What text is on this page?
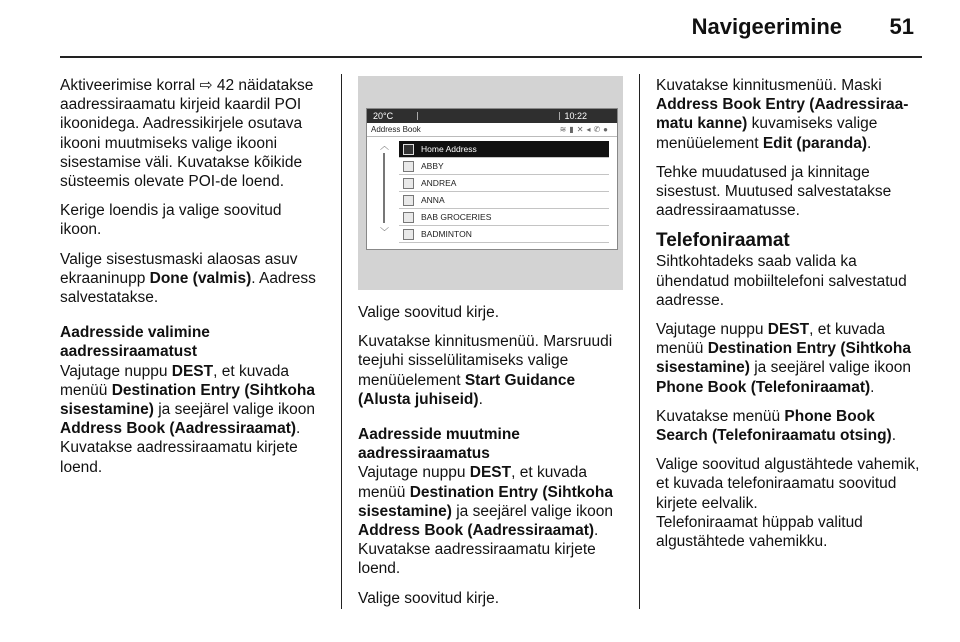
Navigeerimine 51

Aktiveerimise korral ⇨ 42 näidatakse aadressiraamatu kirjeid kaardil POI ikoonidega. Aadressikirjele osutava ikooni muutmiseks valige ikooni sisestamise väli. Kuvatakse kõikide süsteemis olevate POI-de loend.

Kerige loendis ja valige soovitud ikoon.

Valige sisestusmaski alaosas asuv ekraaninupp Done (valmis). Aadress salvestatakse.

Aadresside valimine aadressiraamatust

Vajutage nuppu DEST, et kuvada menüü Destination Entry (Sihtkoha sisestamine) ja seejärel valige ikoon Address Book (Aadressiraamat).

Kuvatakse aadressiraamatu kirjete loend.

20°C	10:22
Address Book	≋▮✕◂✆●
︿
﹀
Home Address
ABBY
ANDREA
ANNA
BAB GROCERIES
BADMINTON

Valige soovitud kirje.

Kuvatakse kinnitusmenüü. Marsruudi teejuhi sisselülitamiseks valige menüüelement Start Guidance (Alusta juhiseid).

Aadresside muutmine aadressiraamatus

Vajutage nuppu DEST, et kuvada menüü Destination Entry (Sihtkoha sisestamine) ja seejärel valige ikoon Address Book (Aadressiraamat).

Kuvatakse aadressiraamatu kirjete loend.

Valige soovitud kirje.

Kuvatakse kinnitusmenüü. Maski Address Book Entry (Aadressiraa- matu kanne) kuvamiseks valige menüüelement Edit (paranda).

Tehke muudatused ja kinnitage sisestust. Muutused salvestatakse aadressiraamatusse.

Telefoniraamat

Sihtkohtadeks saab valida ka ühendatud mobiiltelefoni salvestatud aadresse.

Vajutage nuppu DEST, et kuvada menüü Destination Entry (Sihtkoha sisestamine) ja seejärel valige ikoon Phone Book (Telefoniraamat).

Kuvatakse menüü Phone Book Search (Telefoniraamatu otsing).

Valige soovitud algustähtede vahemik, et kuvada telefoniraamatu soovitud kirjete eelvalik.

Telefoniraamat hüppab valitud algustähtede vahemikku.
